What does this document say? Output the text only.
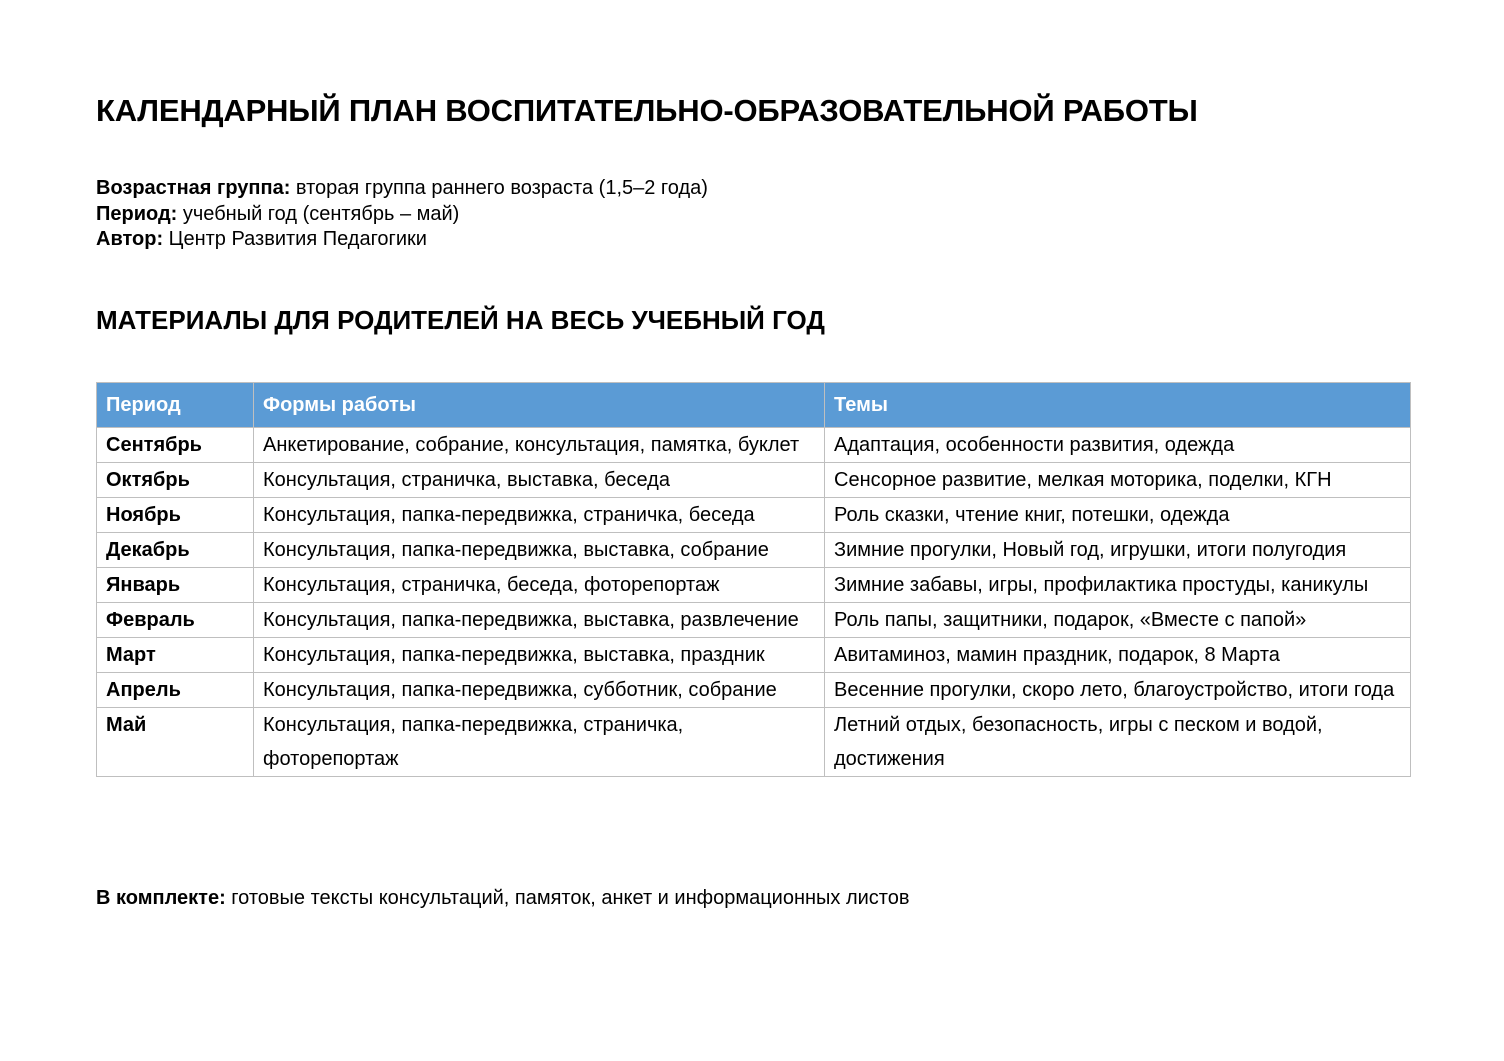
КАЛЕНДАРНЫЙ ПЛАН ВОСПИТАТЕЛЬНО-ОБРАЗОВАТЕЛЬНОЙ РАБОТЫ
Возрастная группа: вторая группа раннего возраста (1,5–2 года)
Период: учебный год (сентябрь – май)
Автор: Центр Развития Педагогики
МАТЕРИАЛЫ ДЛЯ РОДИТЕЛЕЙ НА ВЕСЬ УЧЕБНЫЙ ГОД
Период	Формы работы	Темы
Сентябрь	Анкетирование, собрание, консультация, памятка, буклет	Адаптация, особенности развития, одежда
Октябрь	Консультация, страничка, выставка, беседа	Сенсорное развитие, мелкая моторика, поделки, КГН
Ноябрь	Консультация, папка-передвижка, страничка, беседа	Роль сказки, чтение книг, потешки, одежда
Декабрь	Консультация, папка-передвижка, выставка, собрание	Зимние прогулки, Новый год, игрушки, итоги полугодия
Январь	Консультация, страничка, беседа, фоторепортаж	Зимние забавы, игры, профилактика простуды, каникулы
Февраль	Консультация, папка-передвижка, выставка, развлечение	Роль папы, защитники, подарок, «Вместе с папой»
Март	Консультация, папка-передвижка, выставка, праздник	Авитаминоз, мамин праздник, подарок, 8 Марта
Апрель	Консультация, папка-передвижка, субботник, собрание	Весенние прогулки, скоро лето, благоустройство, итоги года
Май	Консультация, папка-передвижка, страничка, фоторепортаж	Летний отдых, безопасность, игры с песком и водой, достижения
В комплекте: готовые тексты консультаций, памяток, анкет и информационных листов
